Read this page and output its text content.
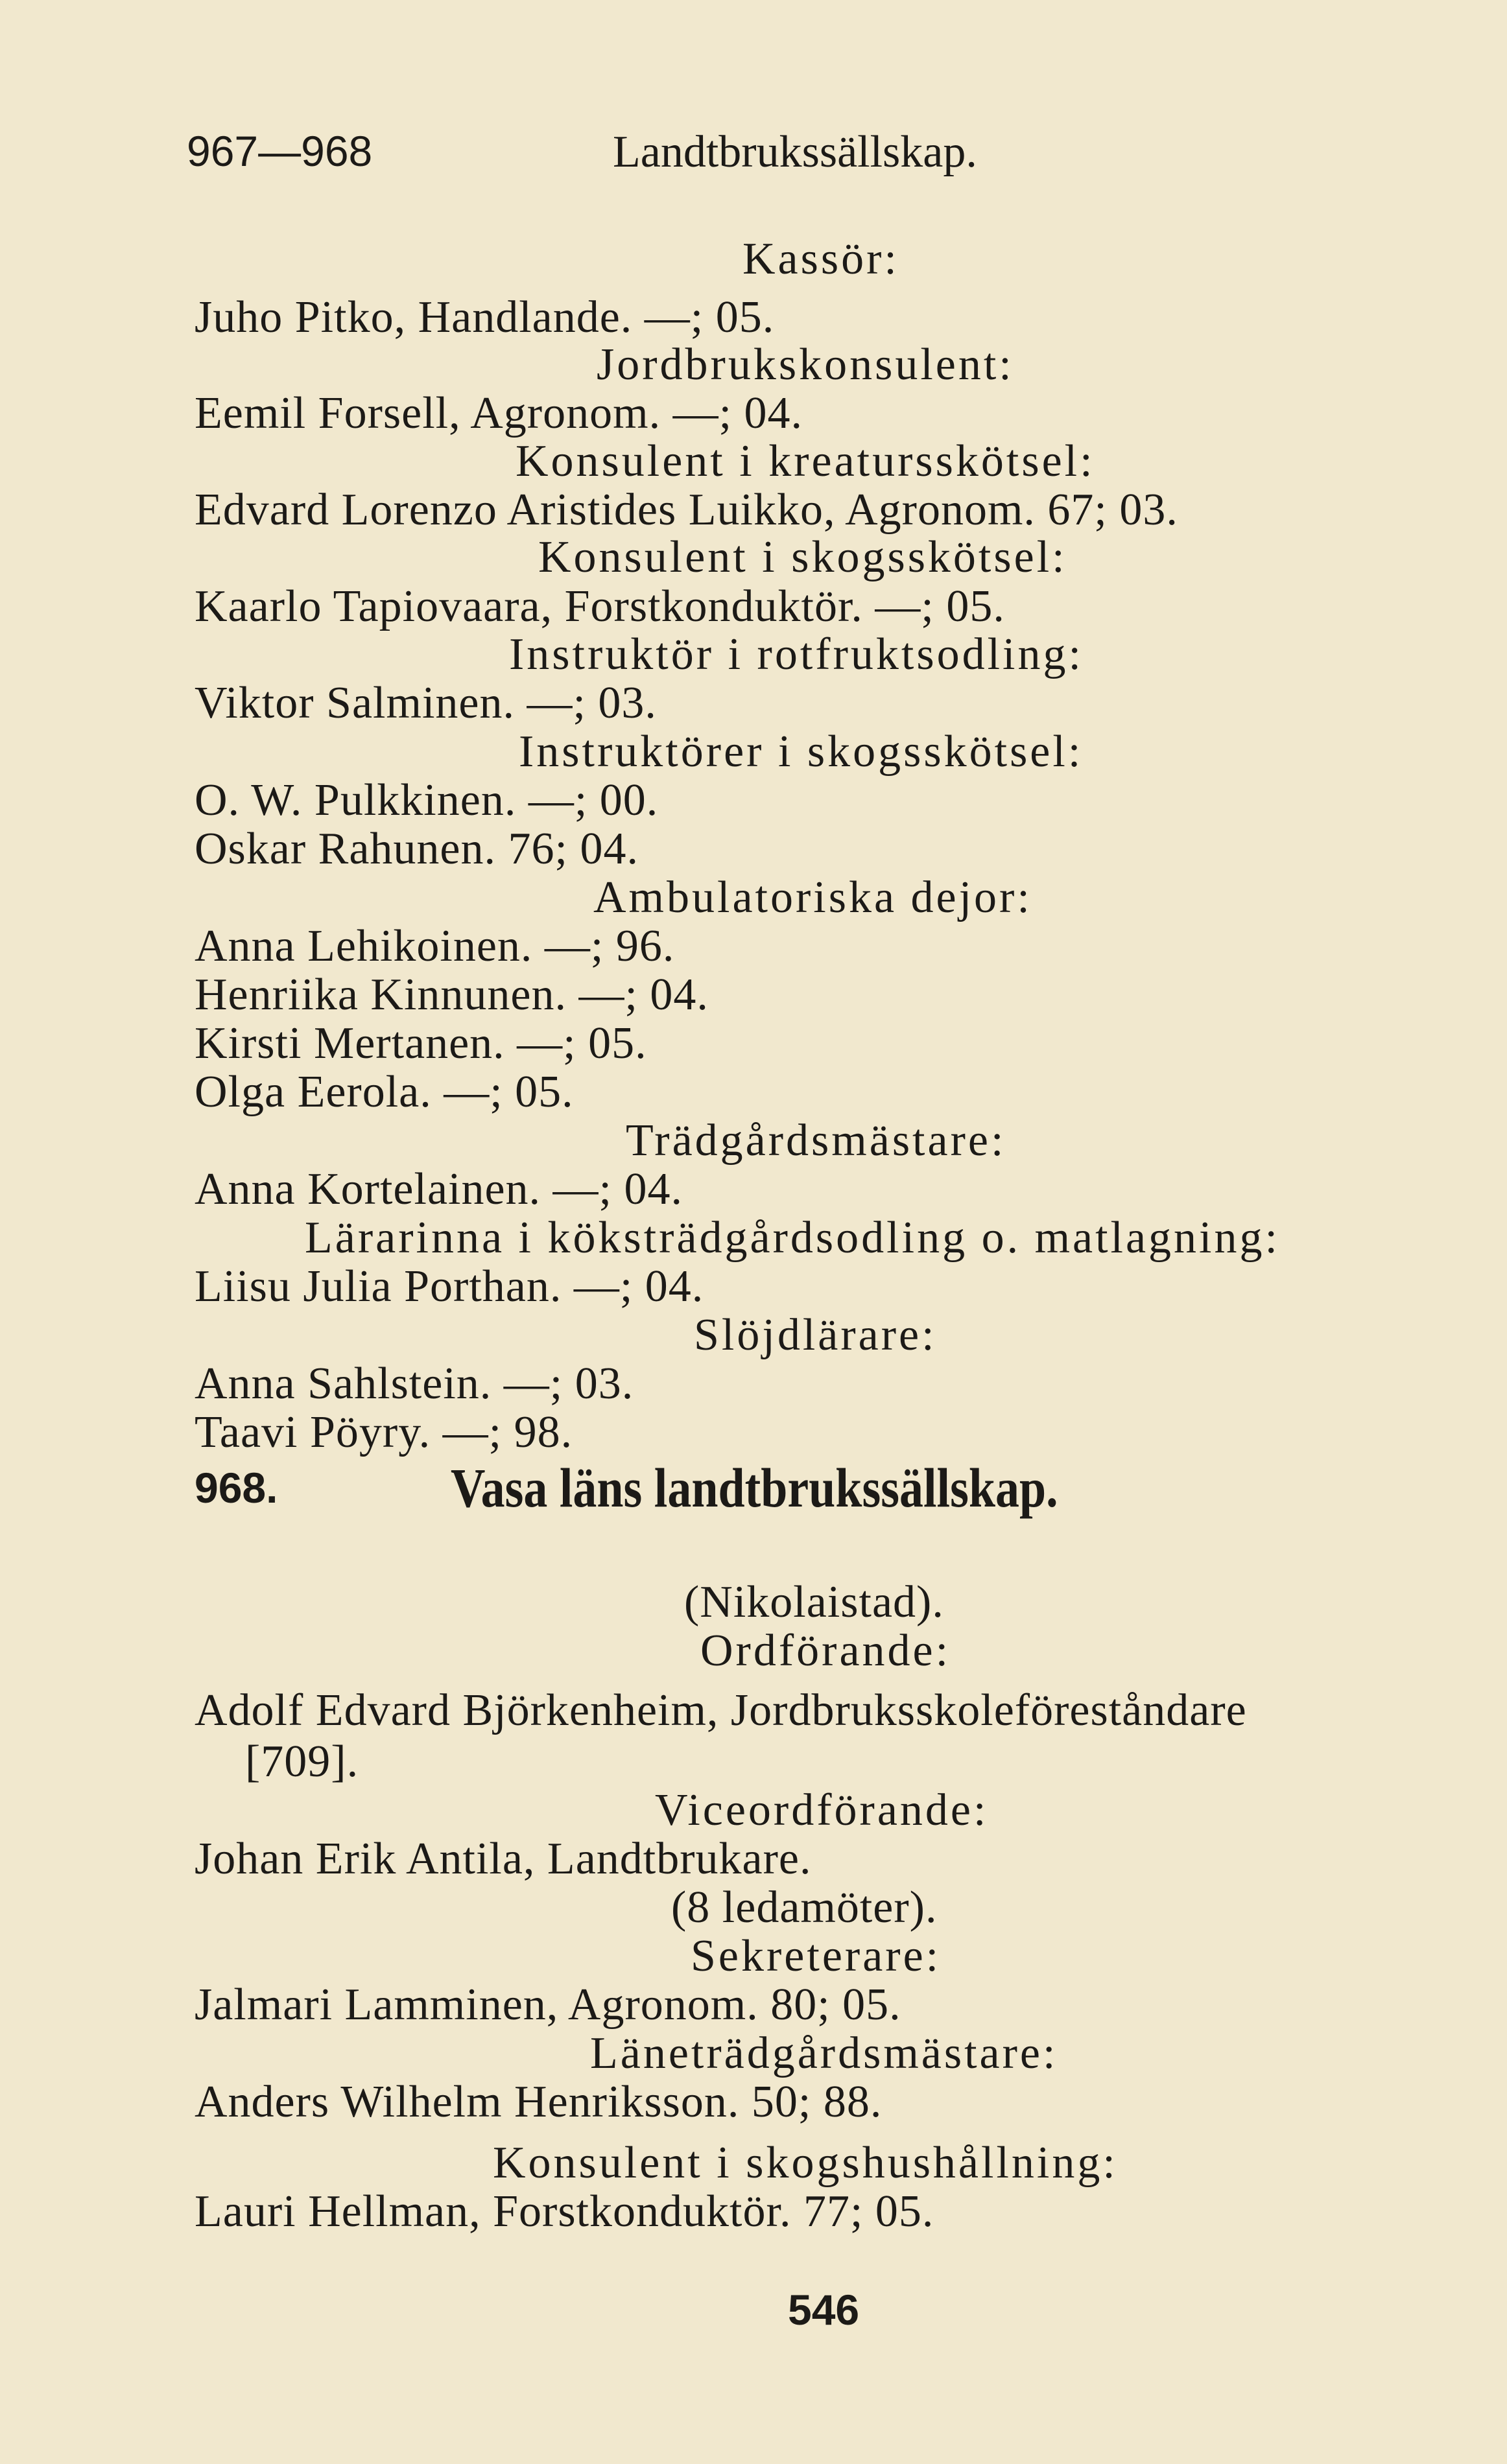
967—968	Landtbrukssällskap.
Kassör:
Juho Pitko, Handlande. —; 05.
Jordbrukskonsulent:
Eemil Forsell, Agronom. —; 04.
Konsulent i kreatursskötsel:
Edvard Lorenzo Aristides Luikko, Agronom. 67; 03.
Konsulent i skogsskötsel:
Kaarlo Tapiovaara, Forstkonduktör. —; 05.
Instruktör i rotfruktsodling:
Viktor Salminen. —; 03.
Instruktörer i skogsskötsel:
O. W. Pulkkinen. —; 00.
Oskar Rahunen. 76; 04.
Ambulatoriska dejor:
Anna Lehikoinen. —; 96.
Henriika Kinnunen. —; 04.
Kirsti Mertanen. —; 05.
Olga Eerola. —; 05.
Trädgårdsmästare:
Anna Kortelainen. —; 04.
Lärarinna i köksträdgårdsodling o. matlagning:
Liisu Julia Porthan. —; 04.
Slöjdlärare:
Anna Sahlstein. —; 03.
Taavi Pöyry. —; 98.
968.	Vasa läns landtbrukssällskap.
(Nikolaistad).
Ordförande:
Adolf Edvard Björkenheim, Jordbruksskoleföreståndare
[709].
Viceordförande:
Johan Erik Antila, Landtbrukare.
(8 ledamöter).
Sekreterare:
Jalmari Lamminen, Agronom. 80; 05.
Läneträdgårdsmästare:
Anders Wilhelm Henriksson. 50; 88.
Konsulent i skogshushållning:
Lauri Hellman, Forstkonduktör. 77; 05.
546
